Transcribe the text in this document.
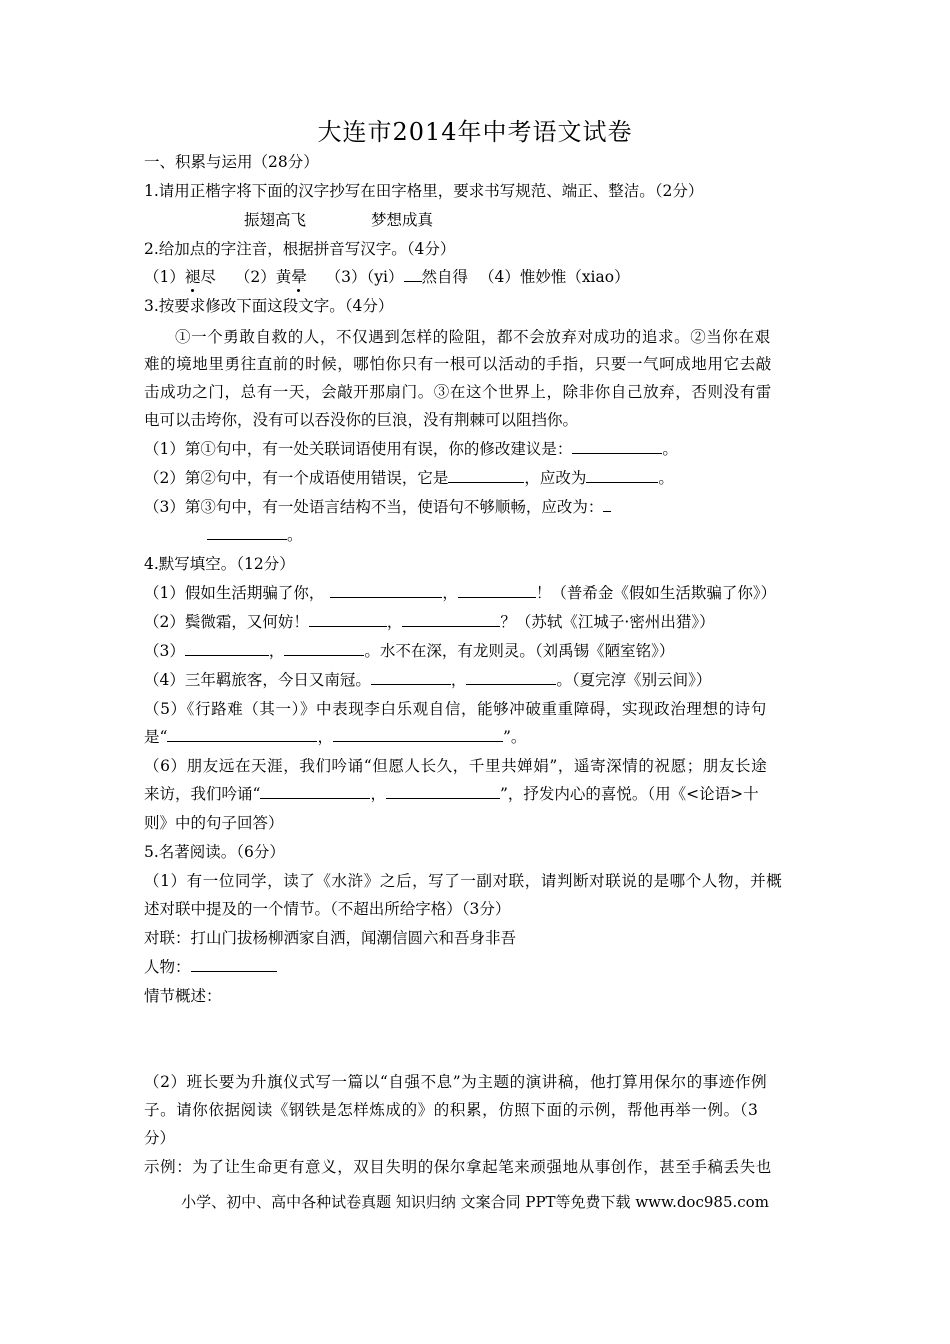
大连市2014年中考语文试卷
一、积累与运用（28分）
1.请用正楷字将下面的汉字抄写在田字格里，要求书写规范、端正、整洁。（2分）
振翅高飞	梦想成真
2.给加点的字注音，根据拼音写汉字。（4分）
（1）褪尽 （2）黄晕 （3）（yi） 然自得 （4）惟妙惟（xiao）
3.按要求修改下面这段文字。（4分）
①一个勇敢自救的人，不仅遇到怎样的险阻，都不会放弃对成功的追求。②当你在艰
难的境地里勇往直前的时候，哪怕你只有一根可以活动的手指，只要一气呵成地用它去敲
击成功之门，总有一天，会敲开那扇门。③在这个世界上，除非你自己放弃，否则没有雷
电可以击垮你，没有可以吞没你的巨浪，没有荆棘可以阻挡你。
（1）第①句中，有一处关联词语使用有误，你的修改建议是：	。
（2）第②句中，有一个成语使用错误，它是	，应改为	。
（3）第③句中，有一处语言结构不当，使语句不够顺畅，应改为：
。
4.默写填空。（12分）
（1）假如生活期骗了你，	，	！（普希金《假如生活欺骗了你》）
（2）鬓微霜，又何妨！	，	？（苏轼《江城子·密州出猎》）
（3）	，	。水不在深，有龙则灵。（刘禹锡《陋室铭》）
（4）三年羁旅客，今日又南冠。	，	。（夏完淳《别云间》）
（5）《行路难（其一）》中表现李白乐观自信，能够冲破重重障碍，实现政治理想的诗句
是“	，	”。
（6）朋友远在天涯，我们吟诵“但愿人长久，千里共婵娟”，遥寄深情的祝愿；朋友长途
来访，我们吟诵“	，	”，抒发内心的喜悦。（用《<论语>十
则》中的句子回答）
5.名著阅读。（6分）
（1）有一位同学，读了《水浒》之后，写了一副对联，请判断对联说的是哪个人物，并概
述对联中提及的一个情节。（不超出所给字格）（3分）
对联：打山门拔杨柳洒家自洒，闻潮信圆六和吾身非吾
人物：
情节概述：
（2）班长要为升旗仪式写一篇以“自强不息”为主题的演讲稿，他打算用保尔的事迹作例
子。请你依据阅读《钢铁是怎样炼成的》的积累，仿照下面的示例，帮他再举一例。（3
分）
示例：为了让生命更有意义，双目失明的保尔拿起笔来顽强地从事创作，甚至手稿丢失也
小学、初中、高中各种试卷真题 知识归纳 文案合同 PPT等免费下载 www.doc985.com
